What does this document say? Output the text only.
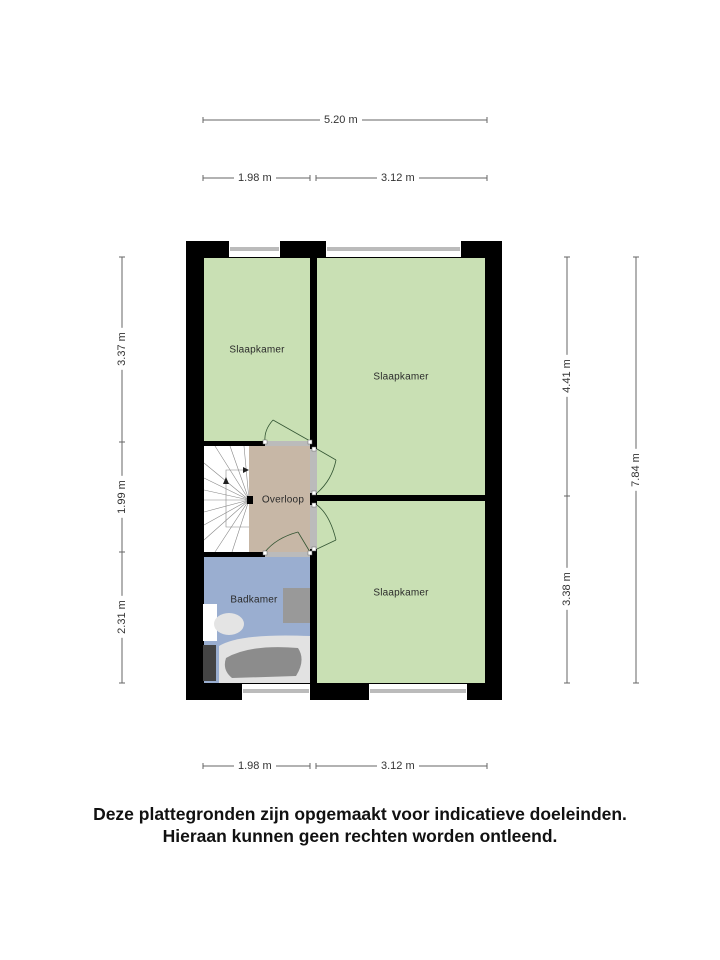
5.20 m
1.98 m	3.12 m
1.98 m	3.12 m
3.37 m
1.99 m
2.31 m
4.41 m
3.38 m
7.84 m
Slaapkamer
Slaapkamer
Slaapkamer
Overloop
Badkamer
Deze plattegronden zijn opgemaakt voor indicatieve doeleinden.
Hieraan kunnen geen rechten worden ontleend.
